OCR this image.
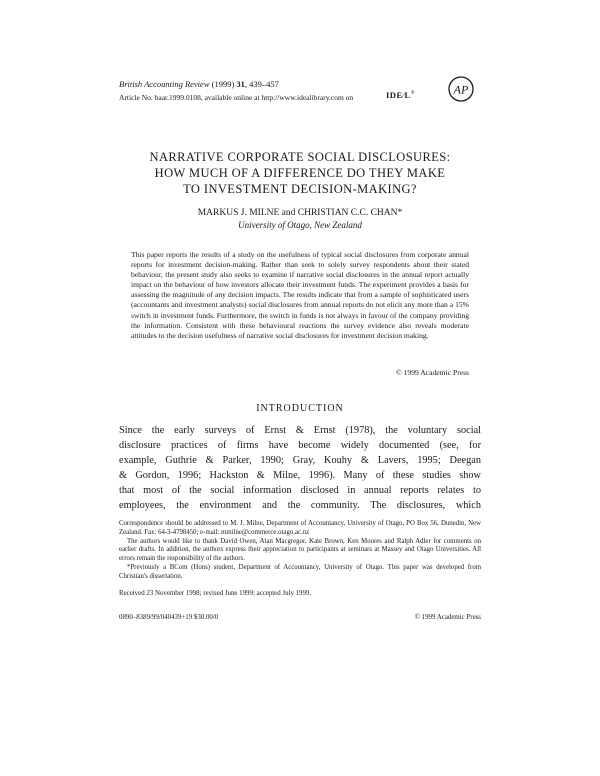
British Accounting Review (1999) 31, 439–457
Article No. baar.1999.0108, available online at http://www.idealibrary.com on	IDE⁄L®	AP
NARRATIVE CORPORATE SOCIAL DISCLOSURES:
HOW MUCH OF A DIFFERENCE DO THEY MAKE
TO INVESTMENT DECISION-MAKING?
MARKUS J. MILNE and CHRISTIAN C.C. CHAN*
University of Otago, New Zealand

This paper reports the results of a study on the usefulness of typical social disclosures from corporate annual reports for investment decision-making. Rather than seek to solely survey respondents about their stated behaviour, the present study also seeks to examine if narrative social disclosures in the annual report actually impact on the behaviour of how investors allocate their investment funds. The experiment provides a basis for assessing the magnitude of any decision impacts. The results indicate that from a sample of sophisticated users (accountants and investment analysts) social disclosures from annual reports do not elicit any more than a 15% switch in investment funds. Furthermore, the switch in funds is not always in favour of the company providing the information. Consistent with these behavioural reactions the survey evidence also reveals moderate attitudes to the decision usefulness of narrative social disclosures for investment decision making.

© 1999 Academic Press
INTRODUCTION
Since the early surveys of Ernst & Ernst (1978), the voluntary social
disclosure practices of firms have become widely documented (see, for
example, Guthrie & Parker, 1990; Gray, Kouhy & Lavers, 1995; Deegan
& Gordon, 1996; Hackston & Milne, 1996). Many of these studies show
that most of the social information disclosed in annual reports relates to
employees, the environment and the community. The disclosures, which

Correspondence should be addressed to M. J. Milne, Department of Accountancy, University of Otago, PO Box 56, Dunedin, New Zealand. Fax: 64-3-4798450; e-mail: mmilne@commerce.otago.ac.nz

The authors would like to thank David Owen, Alan Macgregor, Kate Brown, Ken Moores and Ralph Adler for comments on earlier drafts. In addition, the authors express their appreciation to participants at seminars at Massey and Otago Universities. All errors remain the responsibility of the authors.

*Previously a BCom (Hons) student, Department of Accountancy, University of Otago. This paper was developed from Christian's dissertation.

Received 23 November 1998; revised June 1999; accepted July 1999.
0890–8389/99/040439+19 $30.00/0	© 1999 Academic Press
